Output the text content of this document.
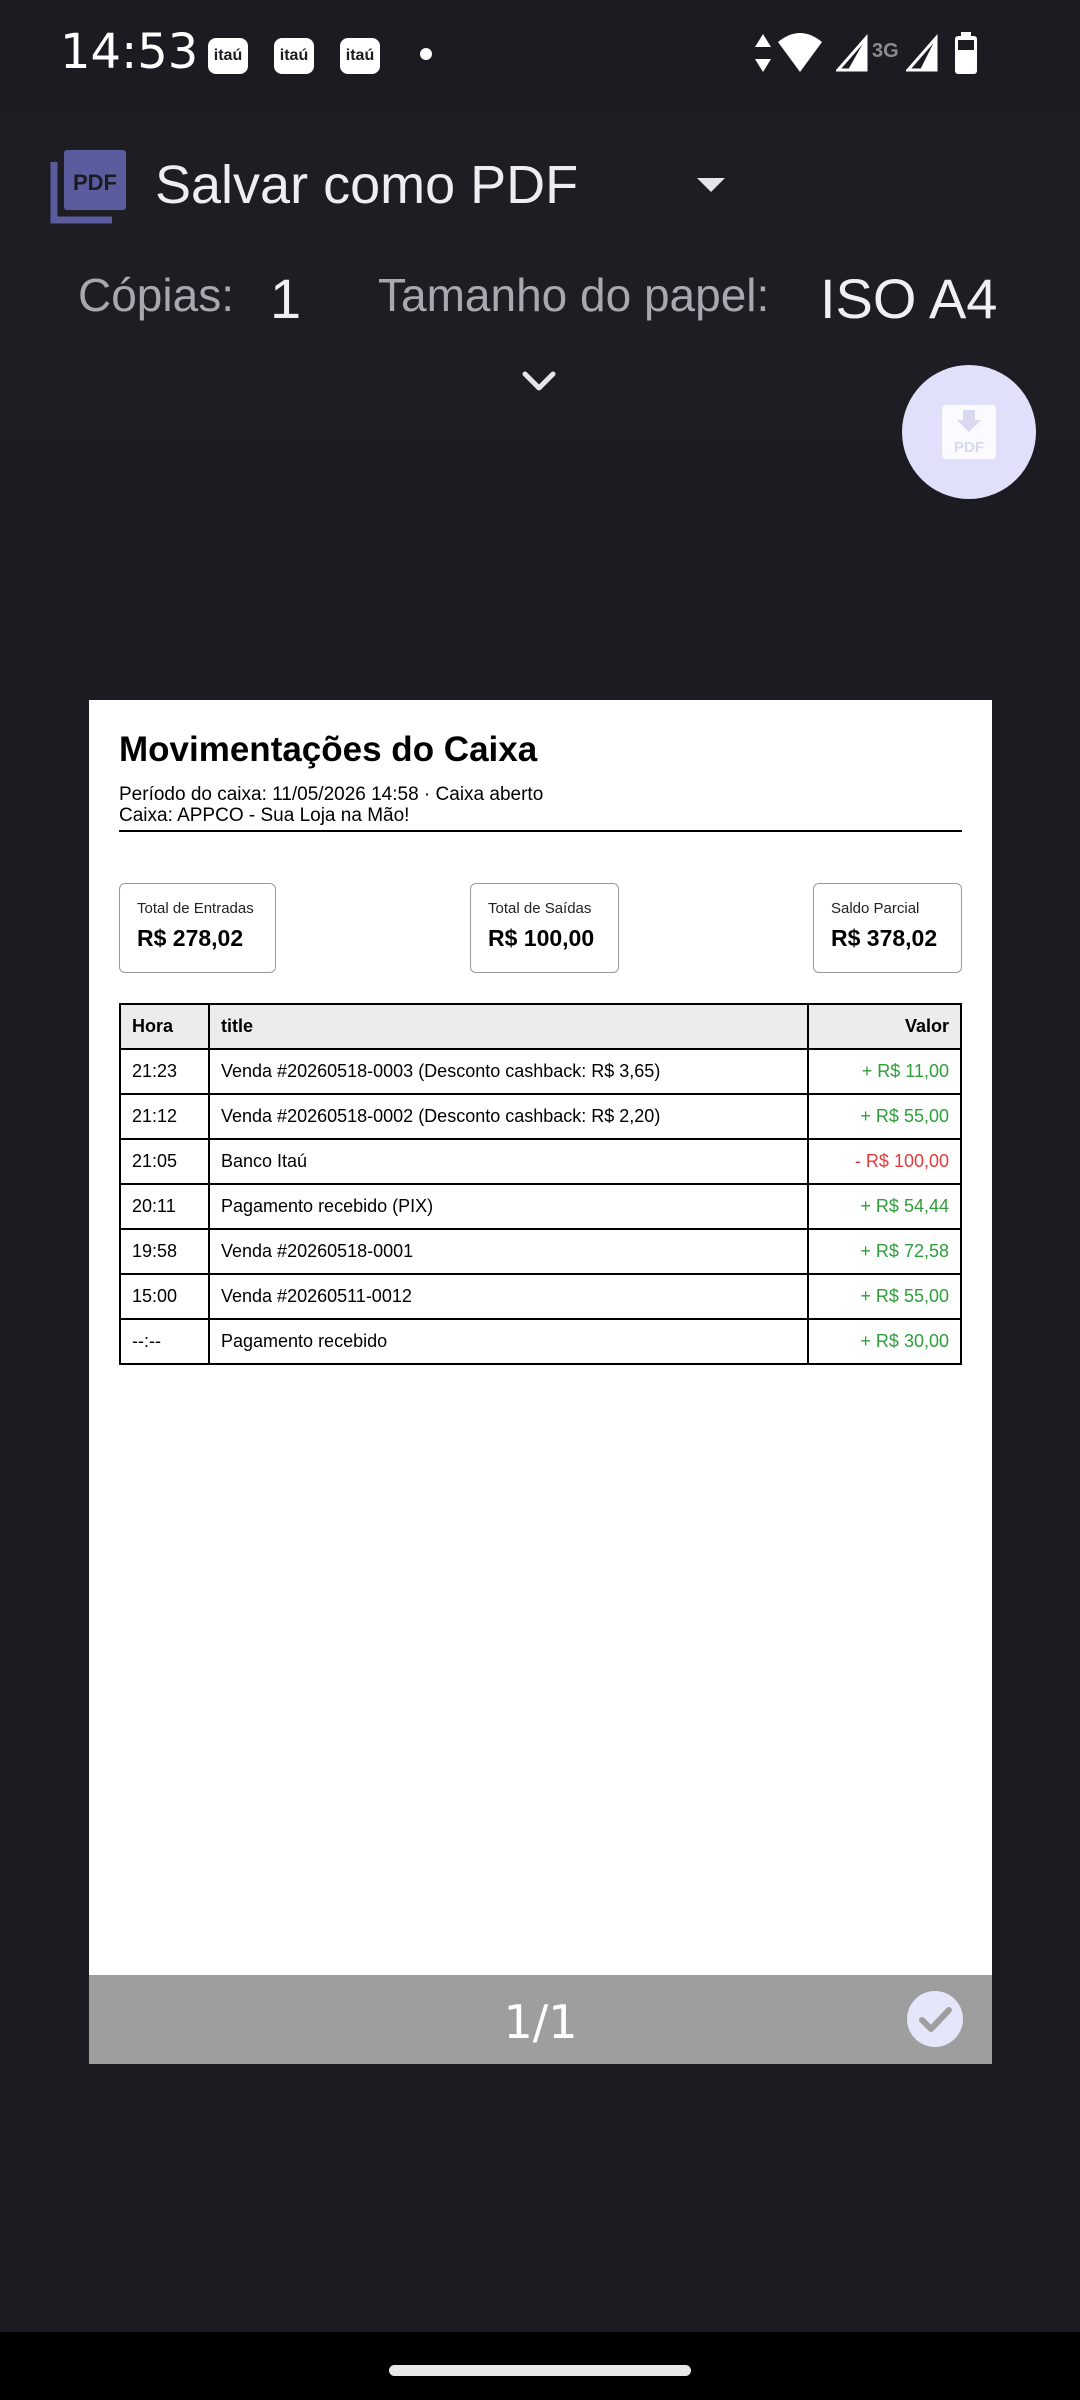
14:53 itaú	itaú	itaú	3G
PDF Salvar como PDF
Cópias: 1 Tamanho do papel: ISO A4
PDF
Movimentações do Caixa
Período do caixa: 11/05/2026 14:58 · Caixa aberto
Caixa: APPCO - Sua Loja na Mão!
Total de Entradas
R$ 278,02
Total de Saídas
R$ 100,00
Saldo Parcial
R$ 378,02
Hora	title	Valor
21:23	Venda #20260518-0003 (Desconto cashback: R$ 3,65)	+ R$ 11,00
21:12	Venda #20260518-0002 (Desconto cashback: R$ 2,20)	+ R$ 55,00
21:05	Banco Itaú	- R$ 100,00
20:11	Pagamento recebido (PIX)	+ R$ 54,44
19:58	Venda #20260518-0001	+ R$ 72,58
15:00	Venda #20260511-0012	+ R$ 55,00
--:--	Pagamento recebido	+ R$ 30,00
1/1
